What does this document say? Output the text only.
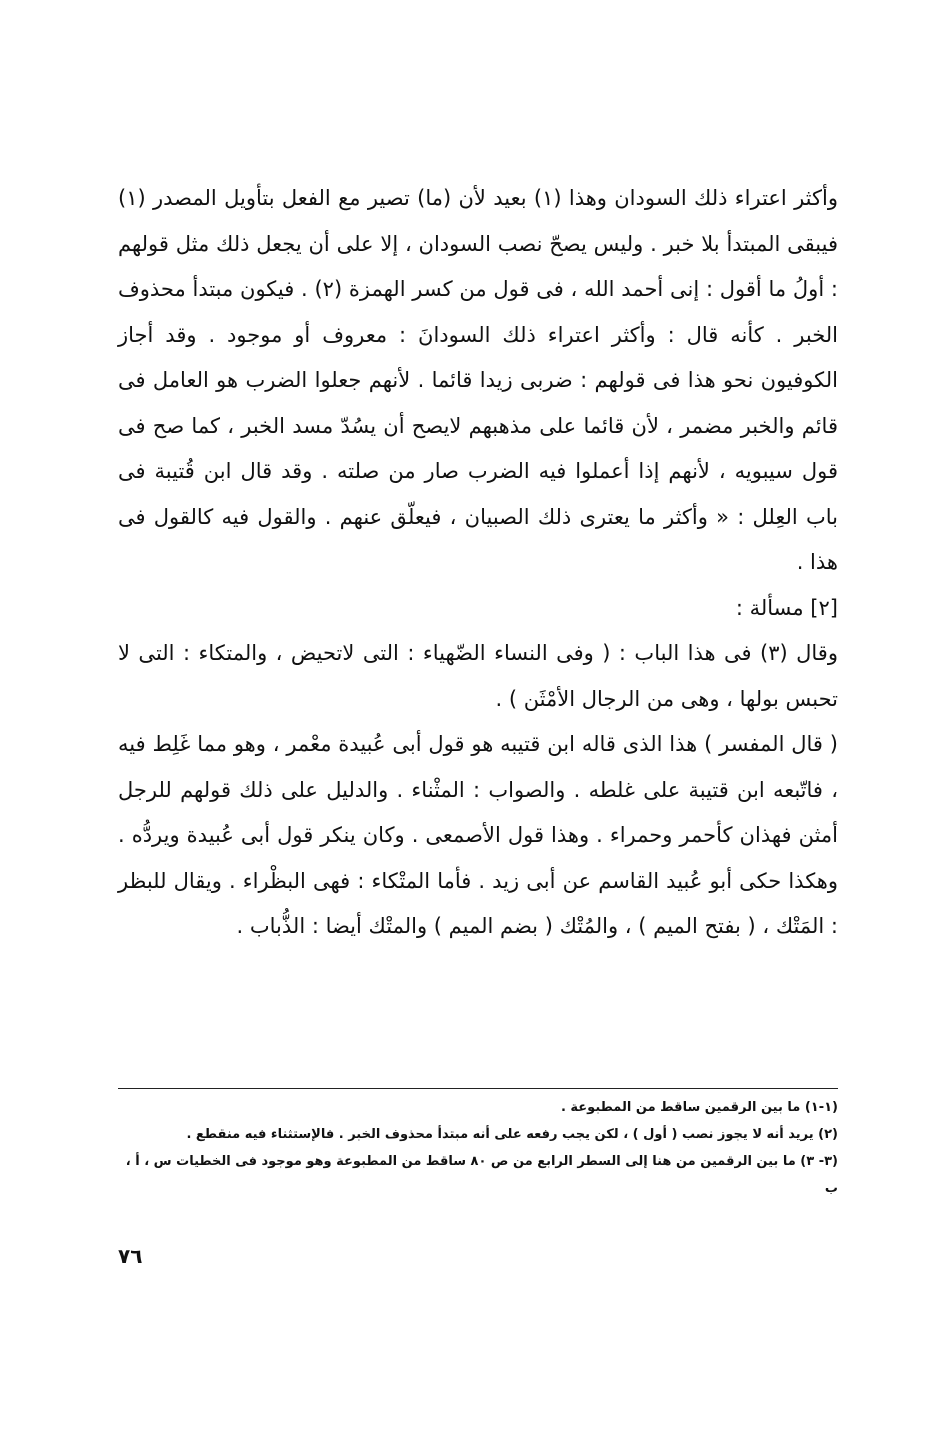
وأكثر اعتراء ذلك السودان وهذا (١) بعيد لأن (ما) تصير مع الفعل بتأويل المصدر (١) فيبقى المبتدأ بلا خبر . وليس يصحّ نصب السودان ، إلا على أن يجعل ذلك مثل قولهم : أولُ ما أقول : إنى أحمد الله ، فى قول من كسر الهمزة (٢) . فيكون مبتدأ محذوف الخبر . كأنه قال : وأكثر اعتراء ذلك السودانَ : معروف أو موجود . وقد أجاز الكوفيون نحو هذا فى قولهم : ضربى زيدا قائما . لأنهم جعلوا الضرب هو العامل فى قائم والخبر مضمر ، لأن قائما على مذهبهم لايصح أن يسُدّ مسد الخبر ، كما صح فى قول سيبويه ، لأنهم إذا أعملوا فيه الضرب صار من صلته . وقد قال ابن قُتيبة فى باب العِلل : « وأكثر ما يعترى ذلك الصبيان ، فيعلّق عنهم . والقول فيه كالقول فى هذا .

[٢] مسألة :

وقال (٣) فى هذا الباب : ( وفى النساء الضّهياء : التى لاتحيض ، والمتكاء : التى لا تحبس بولها ، وهى من الرجال الأمْثَن ) .

( قال المفسر ) هذا الذى قاله ابن قتيبه هو قول أبى عُبيدة معْمر ، وهو مما غَلِط فيه ، فاتّبعه ابن قتيبة على غلطه . والصواب : المثْناء . والدليل على ذلك قولهم للرجل أمثن فهذان كأحمر وحمراء . وهذا قول الأصمعى . وكان ينكر قول أبى عُبيدة ويردُّه . وهكذا حكى أبو عُبيد القاسم عن أبى زيد . فأما المتْكاء : فهى البظْراء . ويقال للبظر : المَتْك ، ( بفتح الميم ) ، والمُتْك ( بضم الميم ) والمتْك أيضا : الذُّباب .

(١-١) ما بين الرقمين ساقط من المطبوعة .

(٢) يريد أنه لا يجوز نصب ( أول ) ، لكن يجب رفعه على أنه مبتدأ محذوف الخبر . فالإستثناء فيه منقطع .

(٣- ٣) ما بين الرقمين من هنا إلى السطر الرابع من ص ٨٠ ساقط من المطبوعة وهو موجود فى الخطيات س ، أ ، ب

٧٦
